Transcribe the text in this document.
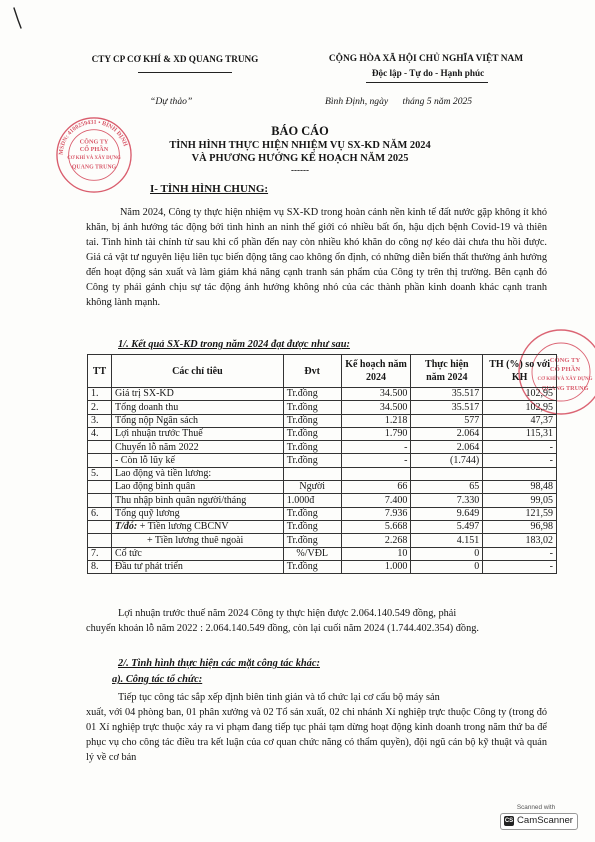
CTY CP CƠ KHÍ & XD QUANG TRUNG	CỘNG HÒA XÃ HỘI CHỦ NGHĨA VIỆT NAM
Độc lập - Tự do - Hạnh phúc
“Dự thảo”	Bình Định, ngày      tháng 5 năm 2025
BÁO CÁO
TÌNH HÌNH THỰC HIỆN NHIỆM VỤ SX-KD NĂM 2024
VÀ PHƯƠNG HƯỚNG KẾ HOẠCH NĂM 2025
------
MSDN: 4100259431 • BÌNH ĐỊNH
CÔNG TY
CỔ PHẦN
CƠ KHÍ VÀ XÂY DỰNG
QUANG TRUNG
I- TÌNH HÌNH CHUNG:
Năm 2024, Công ty thực hiện nhiệm vụ SX-KD trong hoàn cảnh nền kinh tế đất nước gặp không ít khó khăn, bị ảnh hưởng tác động bởi tình hình an ninh thế giới có nhiều bất ổn, hậu dịch bệnh Covid-19 và thiên tai. Tình hình tài chính từ sau khi cổ phần đến nay còn nhiều khó khăn do công nợ kéo dài chưa thu hồi được. Giá cả vật tư nguyên liệu liên tục biến động tăng cao không ổn định, có những diễn biến thất thường ảnh hưởng đến hoạt động sản xuất và làm giảm khả năng cạnh tranh sản phẩm của Công ty trên thị trường. Bên cạnh đó Công ty phải gánh chịu sự tác động ảnh hưởng không nhỏ của các thành phần kinh doanh khác cạnh tranh không lành mạnh.
CÔNG TY
CỔ PHẦN
CƠ KHÍ VÀ XÂY DỰNG
QUANG TRUNG
1/. Kết quả SX-KD trong năm 2024 đạt được như sau:
TT	Các chỉ tiêu	Đvt	Kế hoạch năm 2024	Thực hiện năm 2024	TH (%) so với KH
1.	Giá trị SX-KD	Tr.đồng	34.500	35.517	102,95
2.	Tổng doanh thu	Tr.đồng	34.500	35.517	102,95
3.	Tổng nộp Ngân sách	Tr.đồng	1.218	577	47,37
4.	Lợi nhuận trước Thuế	Tr.đồng	1.790	2.064	115,31
	Chuyển lỗ năm 2022	Tr.đồng	-	2.064	-
	- Còn lỗ lũy kế	Tr.đồng	-	(1.744)	-
5.	Lao động và tiền lương:				
	Lao động bình quân	Người	66	65	98,48
	Thu nhập bình quân người/tháng	1.000đ	7.400	7.330	99,05
6.	Tổng quỹ lương	Tr.đồng	7.936	9.649	121,59
	T/đó: + Tiền lương CBCNV	Tr.đồng	5.668	5.497	96,98
	+ Tiền lương thuê ngoài	Tr.đồng	2.268	4.151	183,02
7.	Cổ tức	%/VĐL	10	0	-
8.	Đầu tư phát triển	Tr.đồng	1.000	0	-
Lợi nhuận trước thuế năm 2024 Công ty thực hiện được 2.064.140.549 đồng, phải
chuyển khoản lỗ năm 2022 : 2.064.140.549 đồng, còn lại cuối năm 2024 (1.744.402.354) đồng.
2/. Tình hình thực hiện các mặt công tác khác:
a). Công tác tổ chức:
Tiếp tục công tác sắp xếp định biên tinh giản và tổ chức lại cơ cấu bộ máy sản
xuất, với 04 phòng ban, 01 phân xưởng và 02 Tổ sản xuất, 02 chi nhánh Xí nghiệp trực thuộc Công ty (trong đó 01 Xí nghiệp trực thuộc xảy ra vi phạm đang tiếp tục phải tạm dừng hoạt động kinh doanh trong năm thứ ba để phục vụ cho công tác điều tra kết luận của cơ quan chức năng có thẩm quyền), đội ngũ cán bộ kỹ thuật và quản lý về cơ bản
Scanned with
CS CamScanner
